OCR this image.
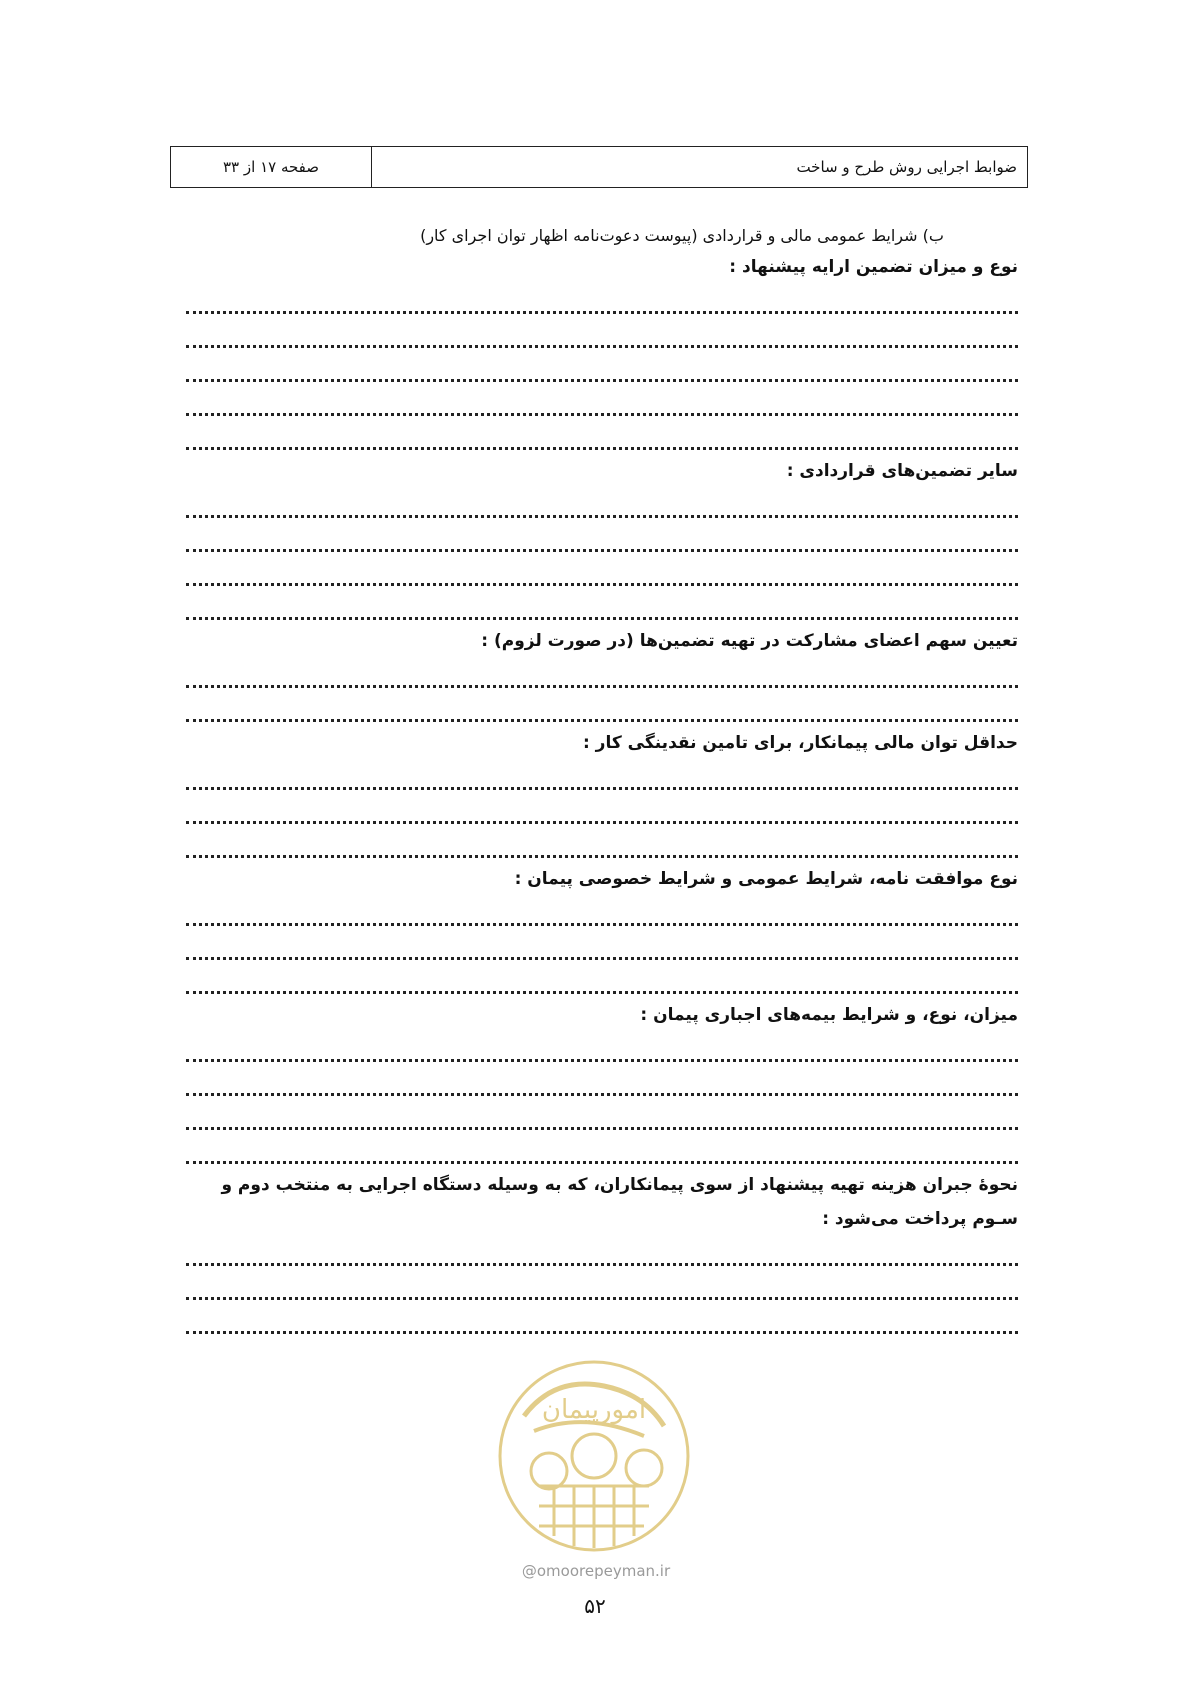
ضوابط اجرایی روش طرح و ساخت
صفحه ۱۷ از ۳۳
ب) شرایط عمومی مالی و قراردادی (پیوست دعوت‌نامه اظهار توان اجرای کار)
نوع و میزان تضمین ارایه پیشنهاد :
سایر تضمین‌های قراردادی :
تعیین سهم اعضای مشارکت در تهیه تضمین‌ها (در صورت لزوم) :
حداقل توان مالی پیمانکار، برای تامین نقدینگی کار :
نوع موافقت نامه، شرایط عمومی و شرایط خصوصی پیمان :
میزان، نوع، و شرایط بیمه‌های اجباری پیمان :
نحوهٔ جبران هزینه تهیه پیشنهاد از سوی پیمانکاران، که به وسیله دستگاه اجرایی به منتخب دوم و سـوم پرداخت می‌شود :
امورپیمان
@omoorepeyman.ir
۵۲
